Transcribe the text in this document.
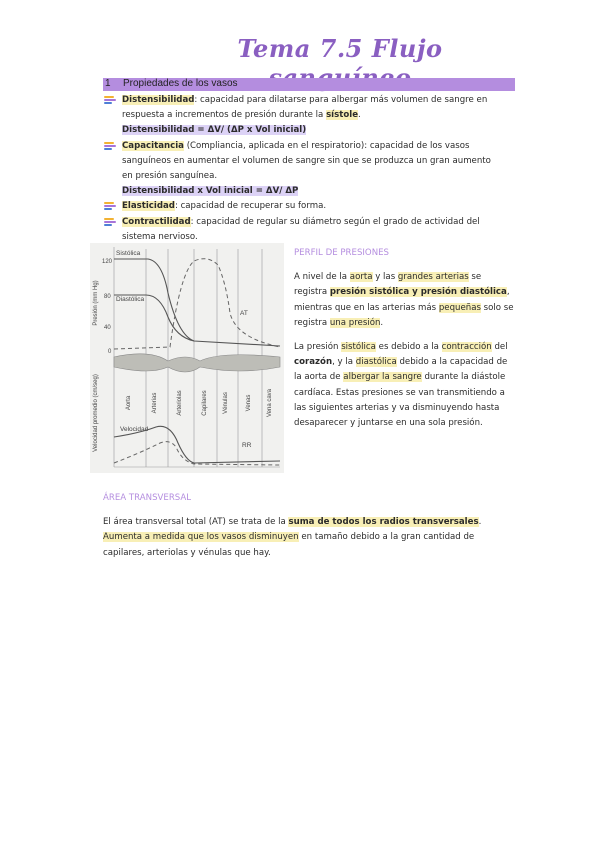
Tema 7.5 Flujo
1 Propiedades de los vasos
Distensibilidad: capacidad para dilatarse para albergar más volumen de sangre en respuesta a incrementos de presión durante la sístole.
Distensibilidad = ΔV/ (ΔP x Vol inicial)
Capacitancia (Compliancia, aplicada en el respiratorio): capacidad de los vasos sanguíneos en aumentar el volumen de sangre sin que se produzca un gran aumento en presión sanguínea.
Distensibilidad x Vol inicial = ΔV/ ΔP
Elasticidad: capacidad de recuperar su forma.
Contractilidad: capacidad de regular su diámetro según el grado de actividad del sistema nervioso.
Presión (mm Hg)
Velocidad promedio (cm/seg)
120
80
40
0
Sistólica
Diastólica
AT
Aorta	Arterias	Arteriolas	Capilares	Vénulas	Venas	Vena cava
Velocidad
RR
PERFIL DE PRESIONES

A nivel de la aorta y las grandes arterias se registra presión sistólica y presión diastólica, mientras que en las arterias más pequeñas solo se registra una presión.

La presión sistólica es debido a la contracción del corazón, y la diastólica debido a la capacidad de la aorta de albergar la sangre durante la diástole cardíaca. Estas presiones se van transmitiendo a las siguientes arterias y va disminuyendo hasta desaparecer y juntarse en una sola presión.

ÁREA TRANSVERSAL

El área transversal total (AT) se trata de la suma de todos los radios transversales.
Aumenta a medida que los vasos disminuyen en tamaño debido a la gran cantidad de capilares, arteriolas y vénulas que hay.
